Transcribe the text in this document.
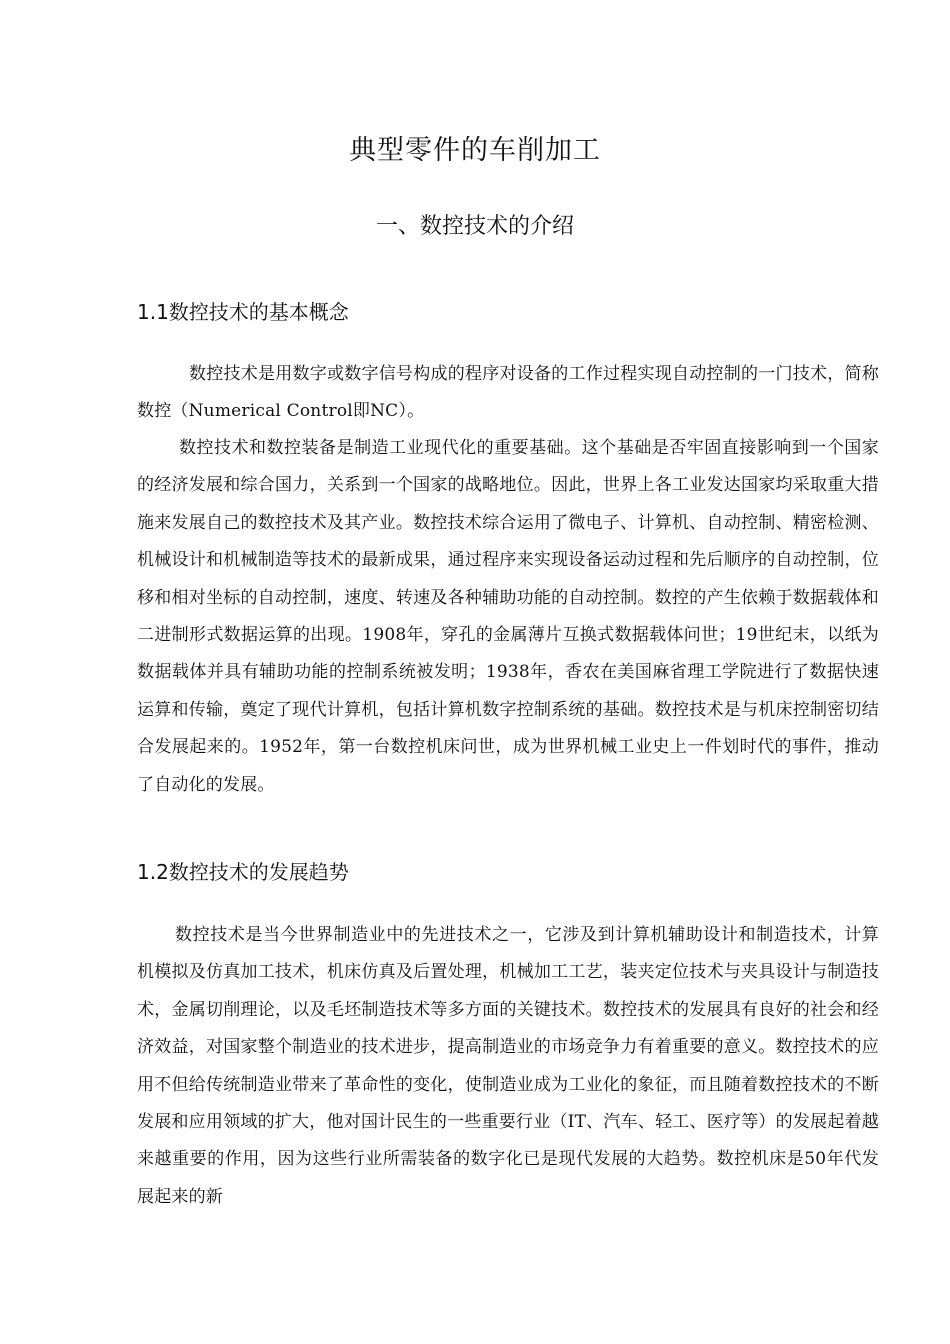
典型零件的车削加工
一、数控技术的介绍
1.1数控技术的基本概念

数控技术是用数字或数字信号构成的程序对设备的工作过程实现自动控制的一门技术，简称数控（Numerical Control即NC）。

数控技术和数控装备是制造工业现代化的重要基础。这个基础是否牢固直接影响到一个国家的经济发展和综合国力，关系到一个国家的战略地位。因此，世界上各工业发达国家均采取重大措施来发展自己的数控技术及其产业。数控技术综合运用了微电子、计算机、自动控制、精密检测、机械设计和机械制造等技术的最新成果，通过程序来实现设备运动过程和先后顺序的自动控制，位移和相对坐标的自动控制，速度、转速及各种辅助功能的自动控制。数控的产生依赖于数据载体和二进制形式数据运算的出现。1908年，穿孔的金属薄片互换式数据载体问世；19世纪末，以纸为数据载体并具有辅助功能的控制系统被发明；1938年，香农在美国麻省理工学院进行了数据快速运算和传输，奠定了现代计算机，包括计算机数字控制系统的基础。数控技术是与机床控制密切结合发展起来的。1952年，第一台数控机床问世，成为世界机械工业史上一件划时代的事件，推动了自动化的发展。

1.2数控技术的发展趋势

数控技术是当今世界制造业中的先进技术之一，它涉及到计算机辅助设计和制造技术，计算机模拟及仿真加工技术，机床仿真及后置处理，机械加工工艺，装夹定位技术与夹具设计与制造技术，金属切削理论，以及毛坯制造技术等多方面的关键技术。数控技术的发展具有良好的社会和经济效益，对国家整个制造业的技术进步，提高制造业的市场竞争力有着重要的意义。数控技术的应用不但给传统制造业带来了革命性的变化，使制造业成为工业化的象征，而且随着数控技术的不断发展和应用领域的扩大，他对国计民生的一些重要行业（IT、汽车、轻工、医疗等）的发展起着越来越重要的作用，因为这些行业所需装备的数字化已是现代发展的大趋势。数控机床是50年代发展起来的新
